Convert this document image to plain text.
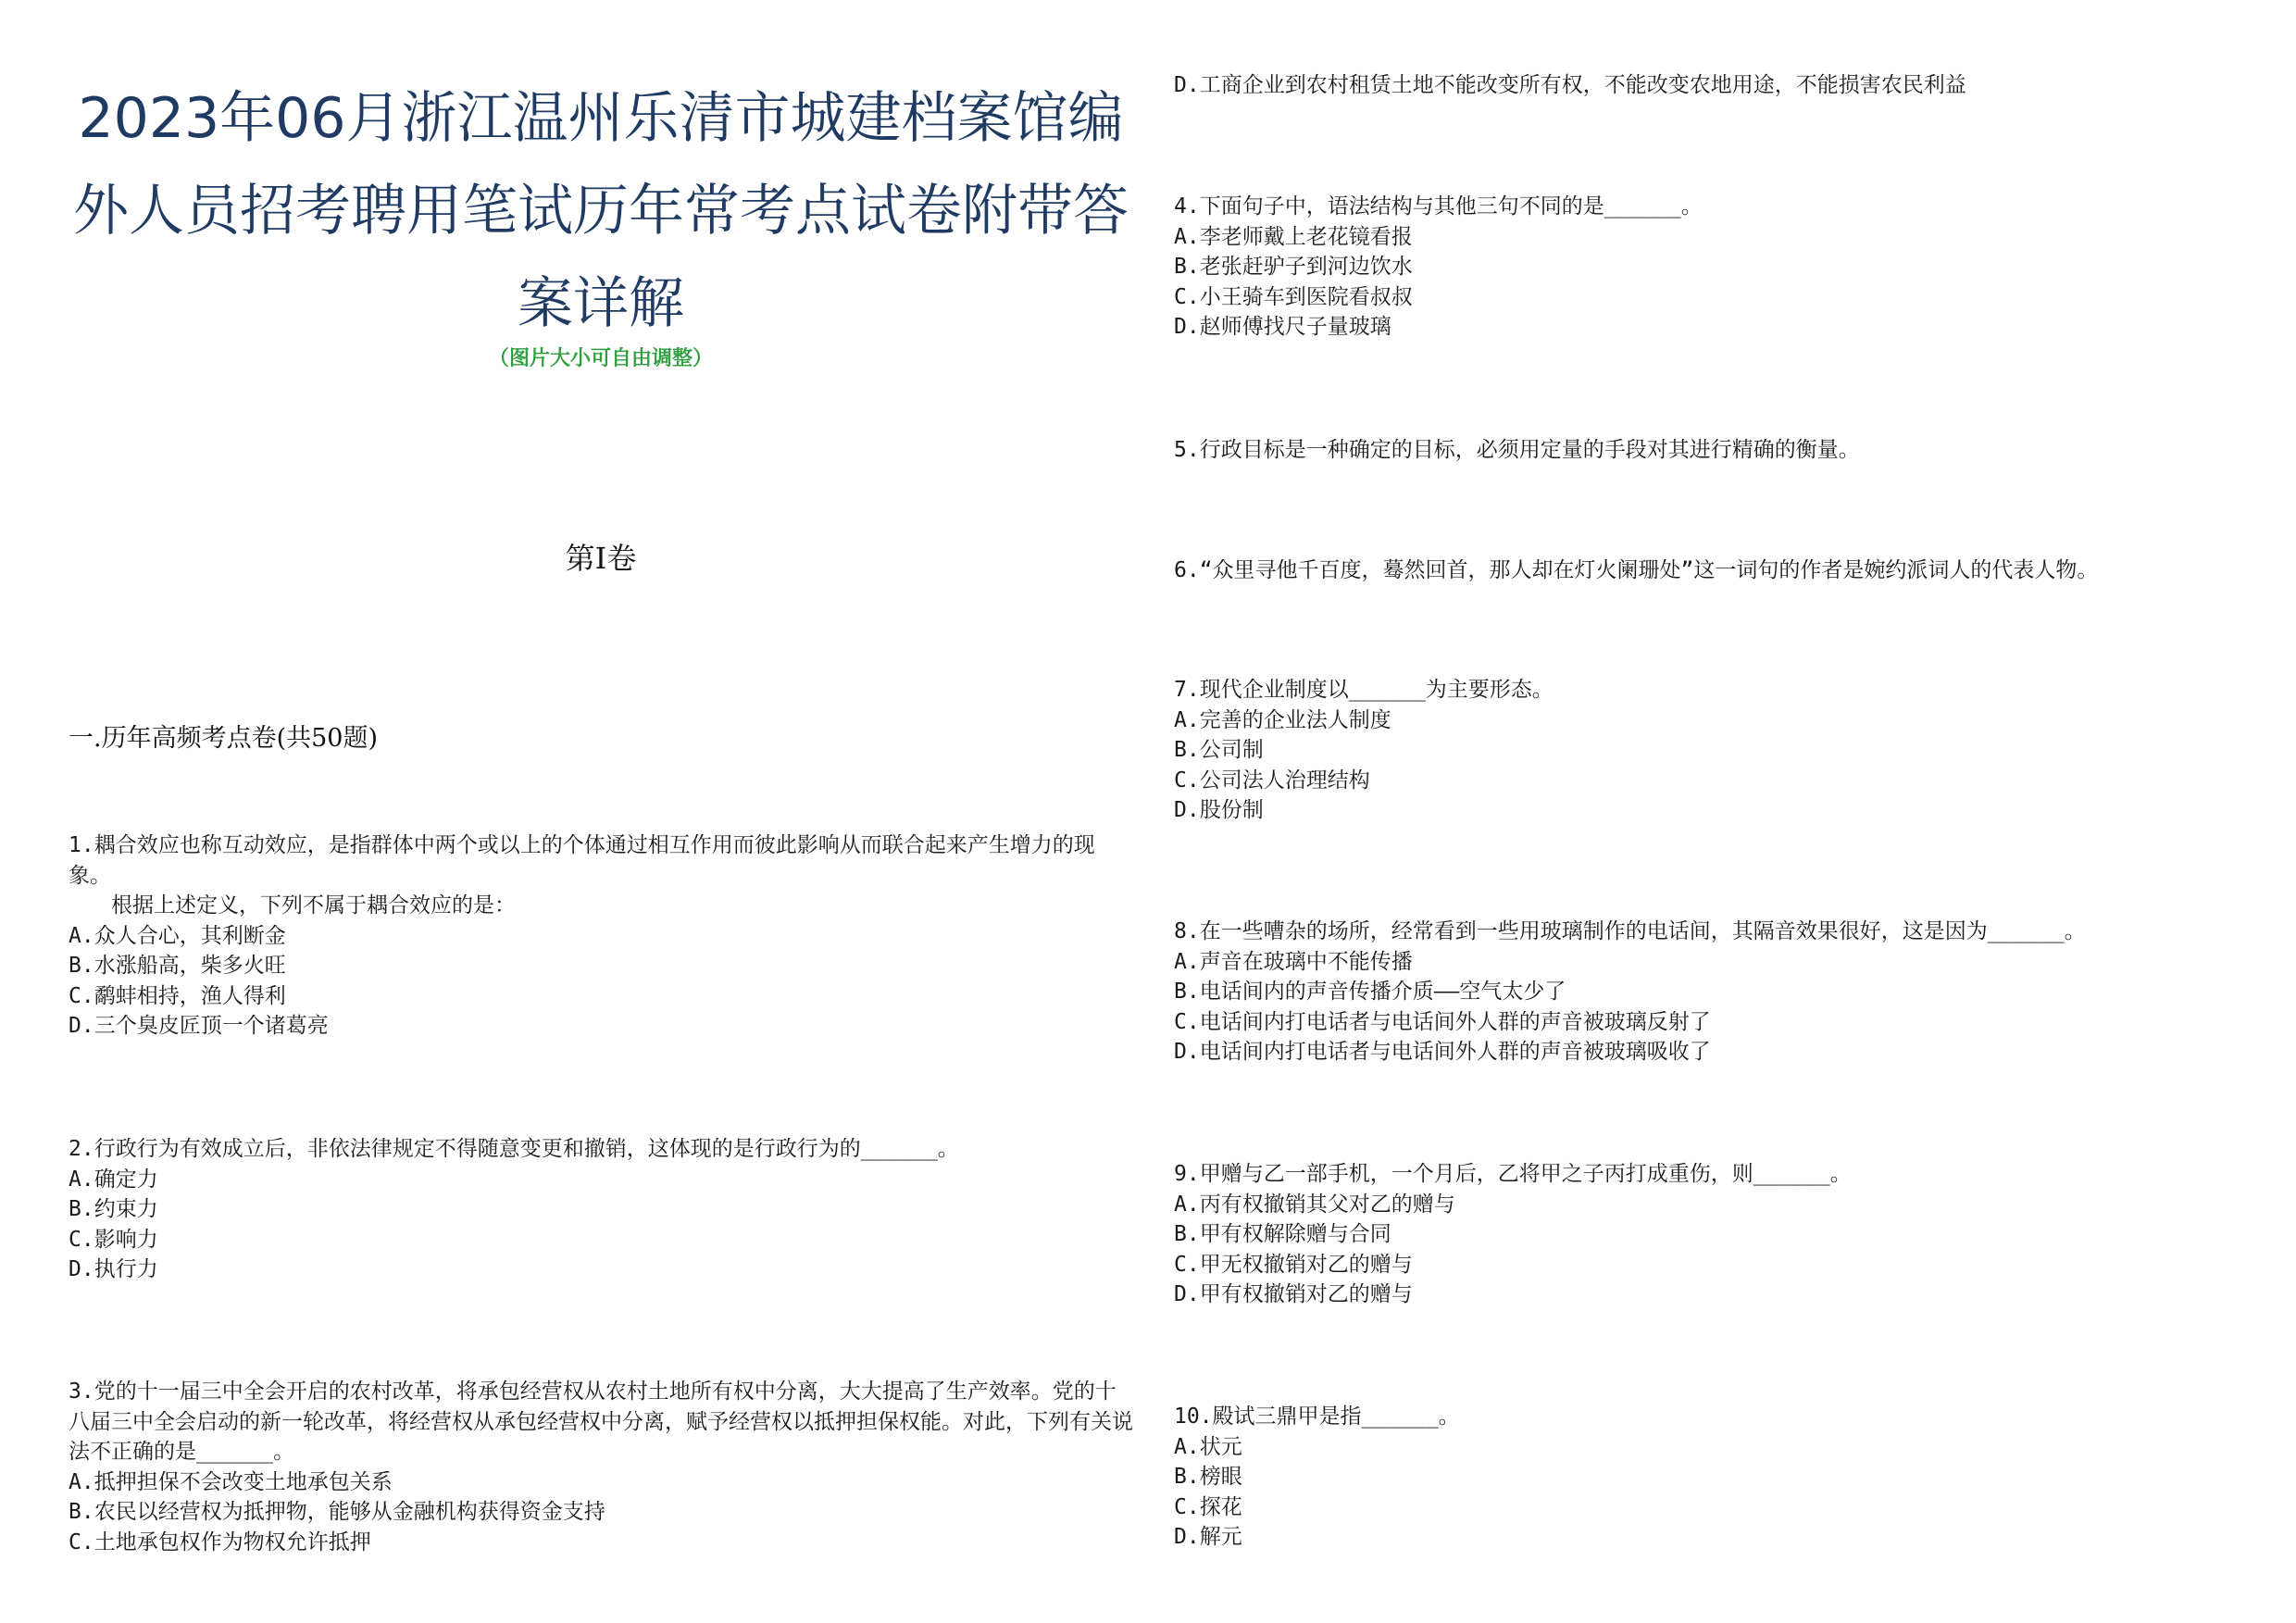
2023年06月浙江温州乐清市城建档案馆编外人员招考聘用笔试历年常考点试卷附带答案详解
（图片大小可自由调整）
第Ⅰ卷
一.历年高频考点卷(共50题)
1.耦合效应也称互动效应，是指群体中两个或以上的个体通过相互作用而彼此影响从而联合起来产生增力的现象。
根据上述定义，下列不属于耦合效应的是：
A.众人合心，其利断金
B.水涨船高，柴多火旺
C.鹬蚌相持，渔人得利
D.三个臭皮匠顶一个诸葛亮
2.行政行为有效成立后，非依法律规定不得随意变更和撤销，这体现的是行政行为的______。
A.确定力
B.约束力
C.影响力
D.执行力
3.党的十一届三中全会开启的农村改革，将承包经营权从农村土地所有权中分离，大大提高了生产效率。党的十八届三中全会启动的新一轮改革，将经营权从承包经营权中分离，赋予经营权以抵押担保权能。对此，下列有关说法不正确的是______。
A.抵押担保不会改变土地承包关系
B.农民以经营权为抵押物，能够从金融机构获得资金支持
C.土地承包权作为物权允许抵押
D.工商企业到农村租赁土地不能改变所有权，不能改变农地用途，不能损害农民利益
4.下面句子中，语法结构与其他三句不同的是______。
A.李老师戴上老花镜看报
B.老张赶驴子到河边饮水
C.小王骑车到医院看叔叔
D.赵师傅找尺子量玻璃
5.行政目标是一种确定的目标，必须用定量的手段对其进行精确的衡量。
6.“众里寻他千百度，蓦然回首，那人却在灯火阑珊处”这一词句的作者是婉约派词人的代表人物。
7.现代企业制度以______为主要形态。
A.完善的企业法人制度
B.公司制
C.公司法人治理结构
D.股份制
8.在一些嘈杂的场所，经常看到一些用玻璃制作的电话间，其隔音效果很好，这是因为______。
A.声音在玻璃中不能传播
B.电话间内的声音传播介质——空气太少了
C.电话间内打电话者与电话间外人群的声音被玻璃反射了
D.电话间内打电话者与电话间外人群的声音被玻璃吸收了
9.甲赠与乙一部手机，一个月后，乙将甲之子丙打成重伤，则______。
A.丙有权撤销其父对乙的赠与
B.甲有权解除赠与合同
C.甲无权撤销对乙的赠与
D.甲有权撤销对乙的赠与
10.殿试三鼎甲是指______。
A.状元
B.榜眼
C.探花
D.解元
